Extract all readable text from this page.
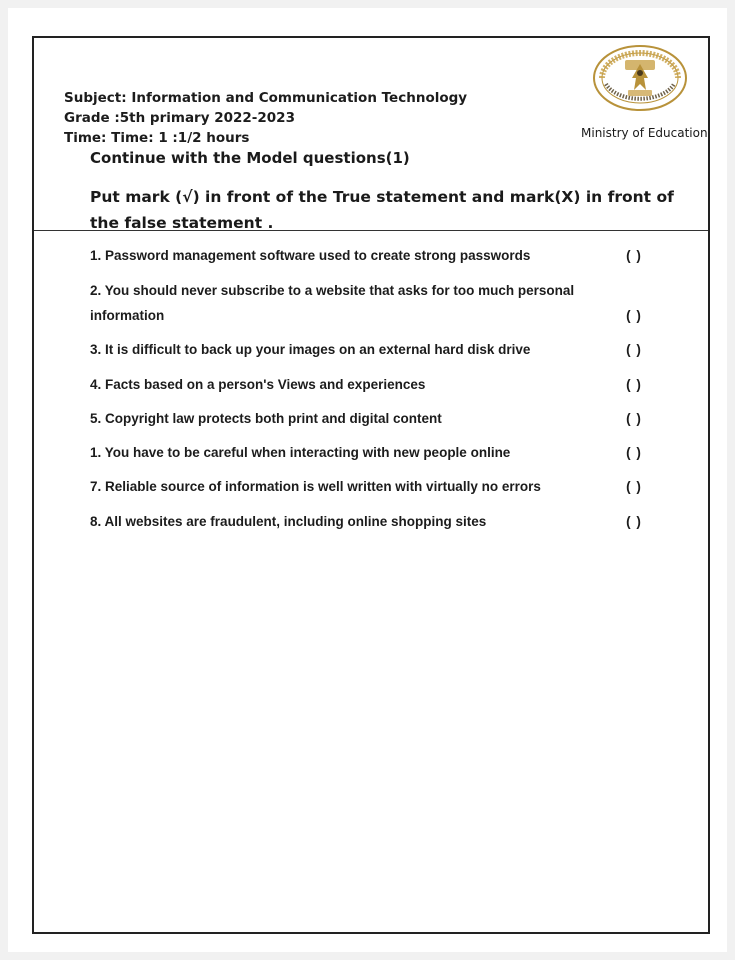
Subject: Information and Communication Technology
Grade :5th primary 2022-2023
Time: Time: 1 :1/2 hours	Ministry of Education
Continue with the Model questions(1)
Put mark (√) in front of the True statement and mark(X) in front of the false statement .
1. Password management software used to create strong passwords	( )
2. You should never subscribe to a website that asks for too much personal information	( )
3. It is difficult to back up your images on an external hard disk drive	( )
4. Facts based on a person's Views and experiences	( )
5. Copyright law protects both print and digital content	( )
1. You have to be careful when interacting with new people online	( )
7. Reliable source of information is well written with virtually no errors	( )
8. All websites are fraudulent, including online shopping sites	( )
